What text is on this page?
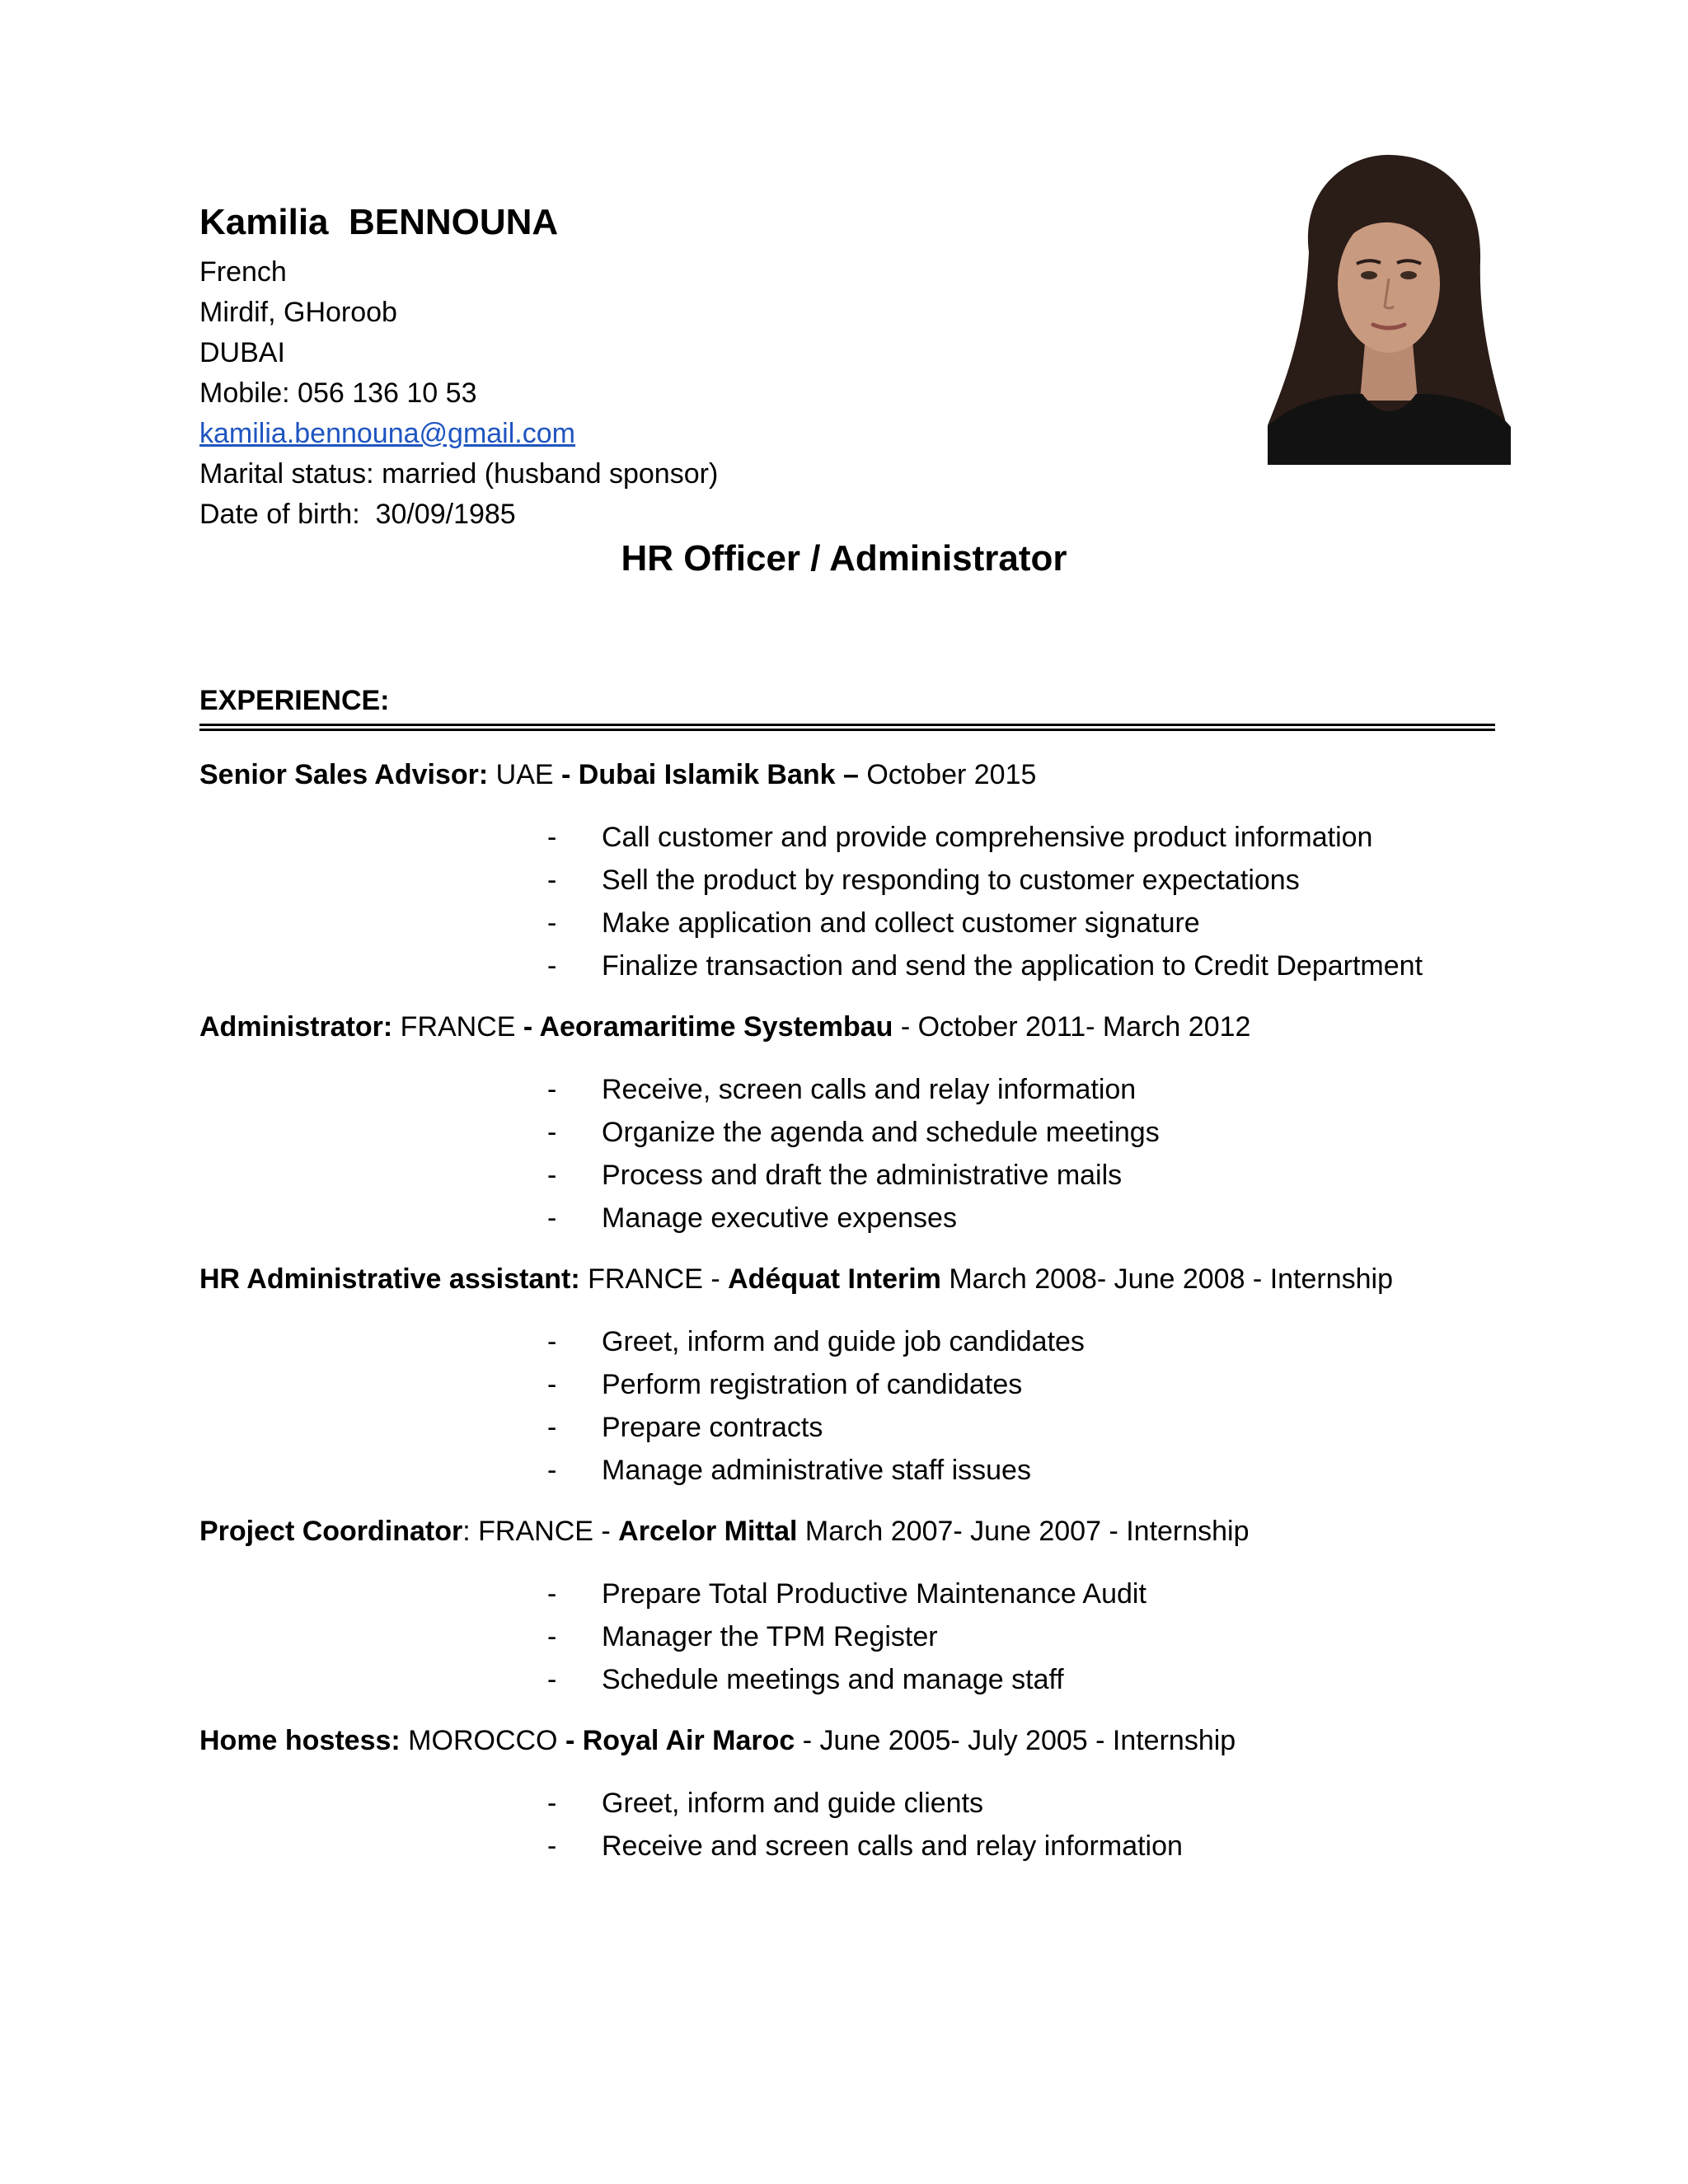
Kamilia BENNOUNA
French
Mirdif, GHoroob
DUBAI
Mobile: 056 136 10 53
kamilia.bennouna@gmail.com
Marital status: married (husband sponsor)
Date of birth:  30/09/1985
HR Officer / Administrator
EXPERIENCE:
Senior Sales Advisor: UAE - Dubai Islamik Bank – October 2015
- Call customer and provide comprehensive product information
- Sell the product by responding to customer expectations
- Make application and collect customer signature
- Finalize transaction and send the application to Credit Department
Administrator: FRANCE - Aeoramaritime Systembau - October 2011- March 2012
- Receive, screen calls and relay information
- Organize the agenda and schedule meetings
- Process and draft the administrative mails
- Manage executive expenses
HR Administrative assistant: FRANCE - Adéquat Interim March 2008- June 2008 - Internship
- Greet, inform and guide job candidates
- Perform registration of candidates
- Prepare contracts
- Manage administrative staff issues
Project Coordinator: FRANCE - Arcelor Mittal March 2007- June 2007 - Internship
- Prepare Total Productive Maintenance Audit
- Manager the TPM Register
- Schedule meetings and manage staff
Home hostess: MOROCCO - Royal Air Maroc - June 2005- July 2005 - Internship
- Greet, inform and guide clients
- Receive and screen calls and relay information
